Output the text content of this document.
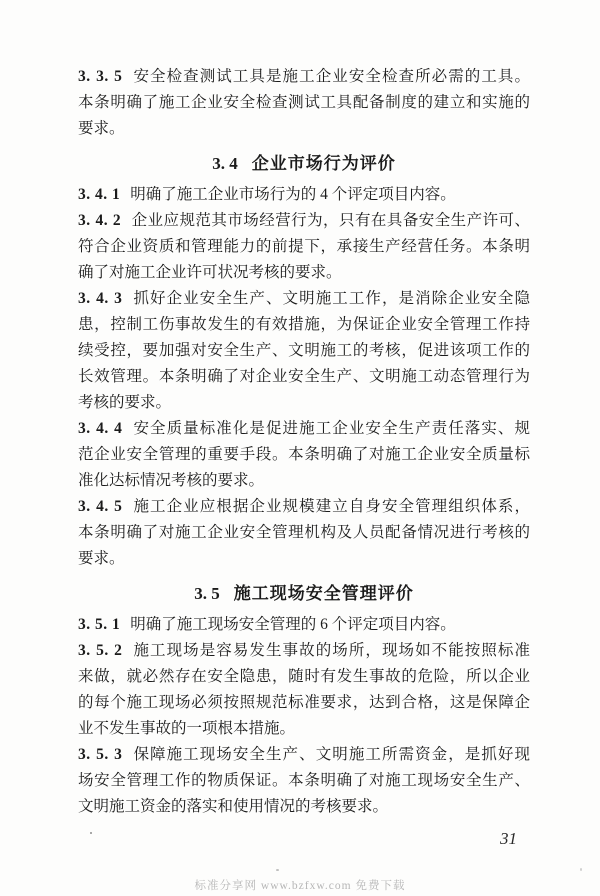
3. 3. 5 安全检查测试工具是施工企业安全检查所必需的工具。
本条明确了施工企业安全检查测试工具配备制度的建立和实施的
要求。

3. 4 企业市场行为评价

3. 4. 1 明确了施工企业市场行为的 4 个评定项目内容。

3. 4. 2 企业应规范其市场经营行为，只有在具备安全生产许可、
符合企业资质和管理能力的前提下，承接生产经营任务。本条明
确了对施工企业许可状况考核的要求。

3. 4. 3 抓好企业安全生产、文明施工工作，是消除企业安全隐
患，控制工伤事故发生的有效措施，为保证企业安全管理工作持
续受控，要加强对安全生产、文明施工的考核，促进该项工作的
长效管理。本条明确了对企业安全生产、文明施工动态管理行为
考核的要求。

3. 4. 4 安全质量标准化是促进施工企业安全生产责任落实、规
范企业安全管理的重要手段。本条明确了对施工企业安全质量标
准化达标情况考核的要求。

3. 4. 5 施工企业应根据企业规模建立自身安全管理组织体系，
本条明确了对施工企业安全管理机构及人员配备情况进行考核的
要求。

3. 5 施工现场安全管理评价

3. 5. 1 明确了施工现场安全管理的 6 个评定项目内容。

3. 5. 2 施工现场是容易发生事故的场所，现场如不能按照标准
来做，就必然存在安全隐患，随时有发生事故的危险，所以企业
的每个施工现场必须按照规范标准要求，达到合格，这是保障企
业不发生事故的一项根本措施。

3. 5. 3 保障施工现场安全生产、文明施工所需资金，是抓好现
场安全管理工作的物质保证。本条明确了对施工现场安全生产、
文明施工资金的落实和使用情况的考核要求。

31
标准分享网 www.bzfxw.com 免费下载
